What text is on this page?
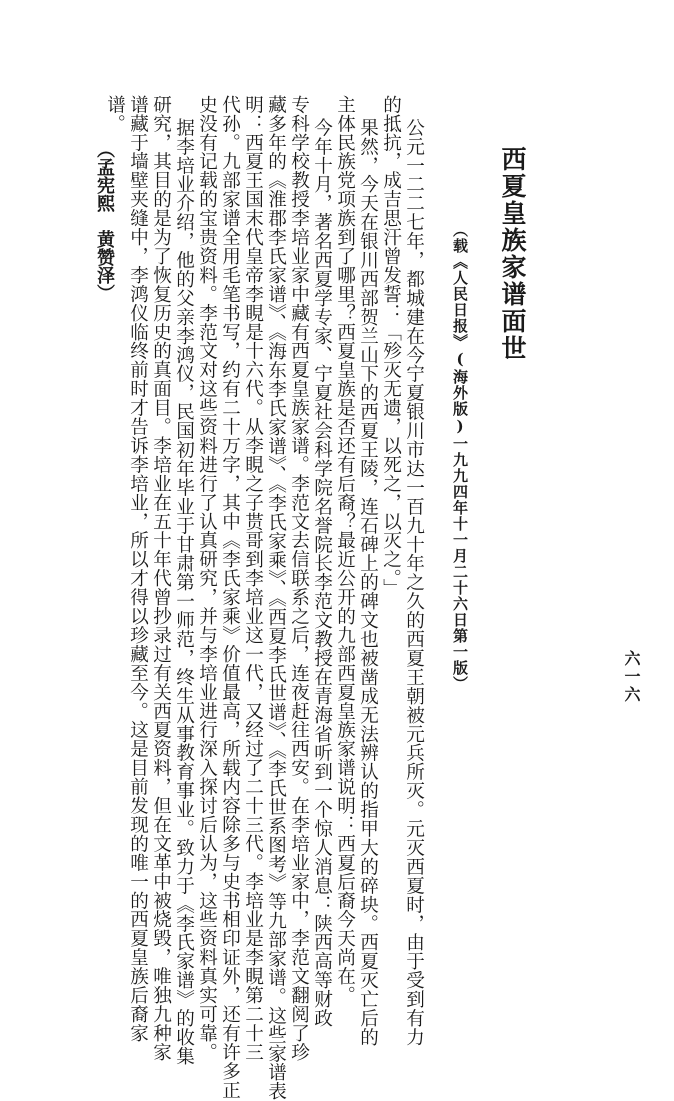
西夏皇族家谱面世
（载《人民日报》(海外版)一九九四年十一月二十六日第一版）
公元一二二七年，都城建在今宁夏银川市达一百九十年之久的西夏王朝被元兵所灭。元灭西夏时，由于受到有力
的抵抗，成吉思汗曾发誓：「殄灭无遗，以死之，以灭之。」
果然，今天在银川西部贺兰山下的西夏王陵，连石碑上的碑文也被凿成无法辨认的指甲大的碎块。西夏灭亡后的
主体民族党项族到了哪里？西夏皇族是否还有后裔？最近公开的九部西夏皇族家谱说明：西夏后裔今天尚在。
今年十月，著名西夏学专家、宁夏社会科学院名誉院长李范文教授在青海省听到一个惊人消息：陕西高等财政
专科学校教授李培业家中藏有西夏皇族家谱。李范文去信联系之后，连夜赶往西安。在李培业家中，李范文翻阅了珍
藏多年的《淮郡李氏家谱》、《海东李氏家谱》、《李氏家乘》、《西夏李氏世谱》、《李氏世系图考》等九部家谱。这些家谱表
明：西夏王国末代皇帝李睍是十六代。从李睍之子贳哥到李培业这一代，又经过了二十三代。李培业是李睍第二十三
代孙。九部家谱全用毛笔书写，约有二十万字，其中《李氏家乘》价值最高，所载内容除多与史书相印证外，还有许多正
史没有记载的宝贵资料。李范文对这些资料进行了认真研究，并与李培业进行深入探讨后认为，这些资料真实可靠。
据李培业介绍，他的父亲李鸿仪，民国初年毕业于甘肃第一师范，终生从事教育事业。致力于《李氏家谱》的收集
研究，其目的是为了恢复历史的真面目。李培业在五十年代曾抄录过有关西夏资料，但在文革中被烧毁，唯独九种家
谱藏于墙壁夹缝中，李鸿仪临终前时才告诉李培业，所以才得以珍藏至今。这是目前发现的唯一的西夏皇族后裔家
谱。
（孟宪熙　黄赞泽）
六一六
